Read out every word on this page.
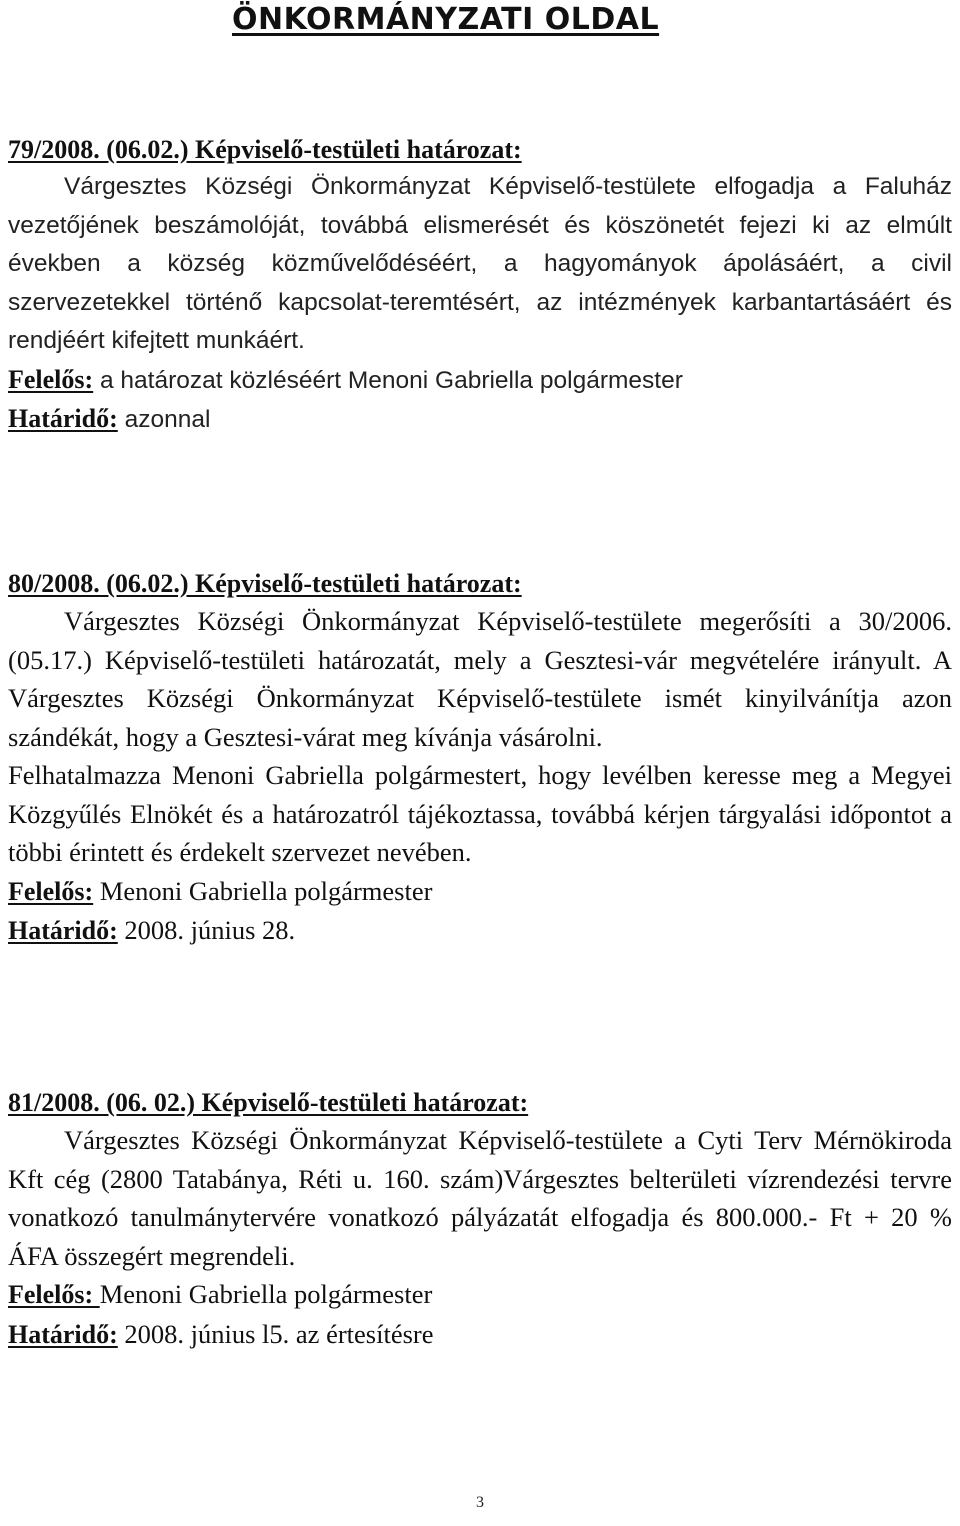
ÖNKORMÁNYZATI OLDAL

79/2008. (06.02.) Képviselő-testületi határozat:

Várgesztes Községi Önkormányzat Képviselő-testülete elfogadja a Faluház vezetőjének beszámolóját, továbbá elismerését és köszönetét fejezi ki az elmúlt években a község közművelődéséért, a hagyományok ápolásáért, a civil szervezetekkel történő kapcsolat-teremtésért, az intézmények karbantartásáért és rendjéért kifejtett munkáért.

Felelős: a határozat közléséért Menoni Gabriella polgármester

Határidő: azonnal

80/2008. (06.02.) Képviselő-testületi határozat:

Várgesztes Községi Önkormányzat Képviselő-testülete megerősíti a 30/2006. (05.17.) Képviselő-testületi határozatát, mely a Gesztesi-vár megvételére irányult. A Várgesztes Községi Önkormányzat Képviselő-testülete ismét kinyilvánítja azon szándékát, hogy a Gesztesi-várat meg kívánja vásárolni.

Felhatalmazza Menoni Gabriella polgármestert, hogy levélben keresse meg a Megyei Közgyűlés Elnökét és a határozatról tájékoztassa, továbbá kérjen tárgyalási időpontot a többi érintett és érdekelt szervezet nevében.

Felelős: Menoni Gabriella polgármester

Határidő: 2008. június 28.

81/2008. (06. 02.) Képviselő-testületi határozat:

Várgesztes Községi Önkormányzat Képviselő-testülete a Cyti Terv Mérnökiroda Kft cég (2800 Tatabánya, Réti u. 160. szám)Várgesztes belterületi vízrendezési tervre vonatkozó tanulmánytervére vonatkozó pályázatát elfogadja és 800.000.- Ft + 20 % ÁFA összegért megrendeli.

Felelős: Menoni Gabriella polgármester

Határidő: 2008. június l5. az értesítésre

3
